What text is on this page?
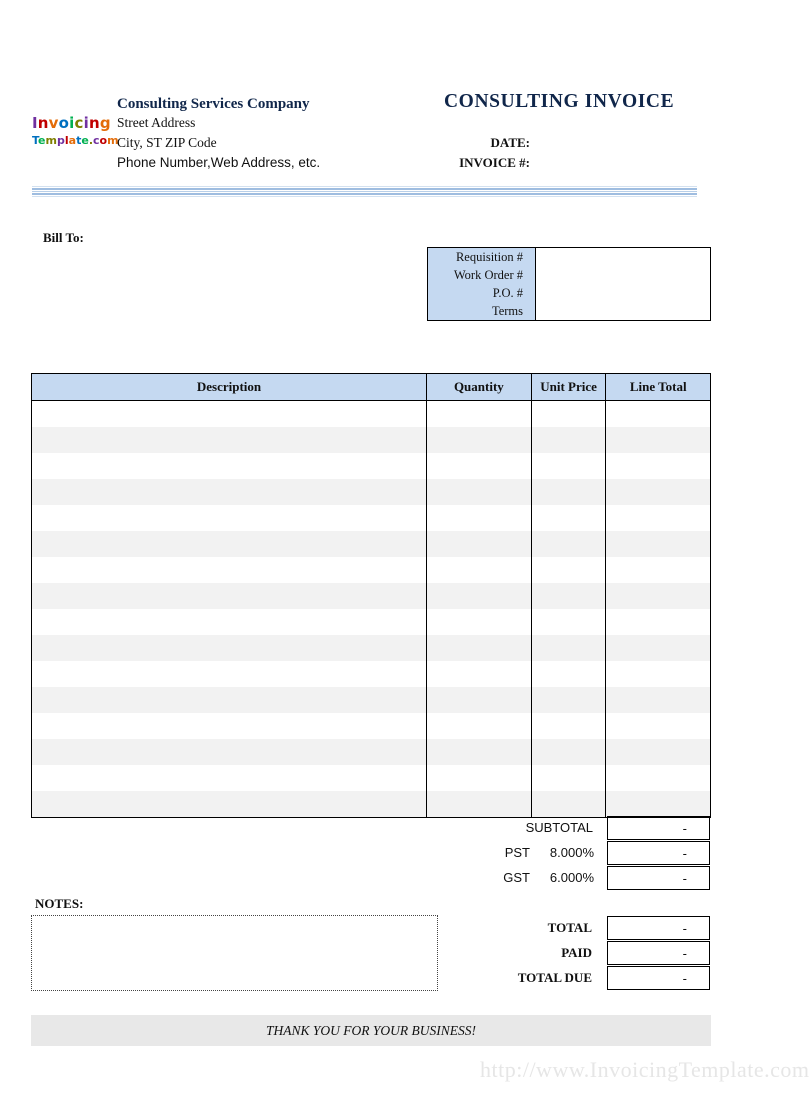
Invoicing
Template.com
Consulting Services Company
Street Address
City, ST ZIP Code
Phone Number,Web Address, etc.
CONSULTING INVOICE
DATE:
INVOICE #:
Bill To:
Requisition #	
Work Order #	
P.O. #	
Terms	
Description	Quantity	Unit Price	Line Total

SUBTOTAL	-
PST	8.000%	-
GST	6.000%	-
TOTAL	-
PAID	-
TOTAL DUE	-
NOTES:
THANK YOU FOR YOUR BUSINESS!
http://www.InvoicingTemplate.com
